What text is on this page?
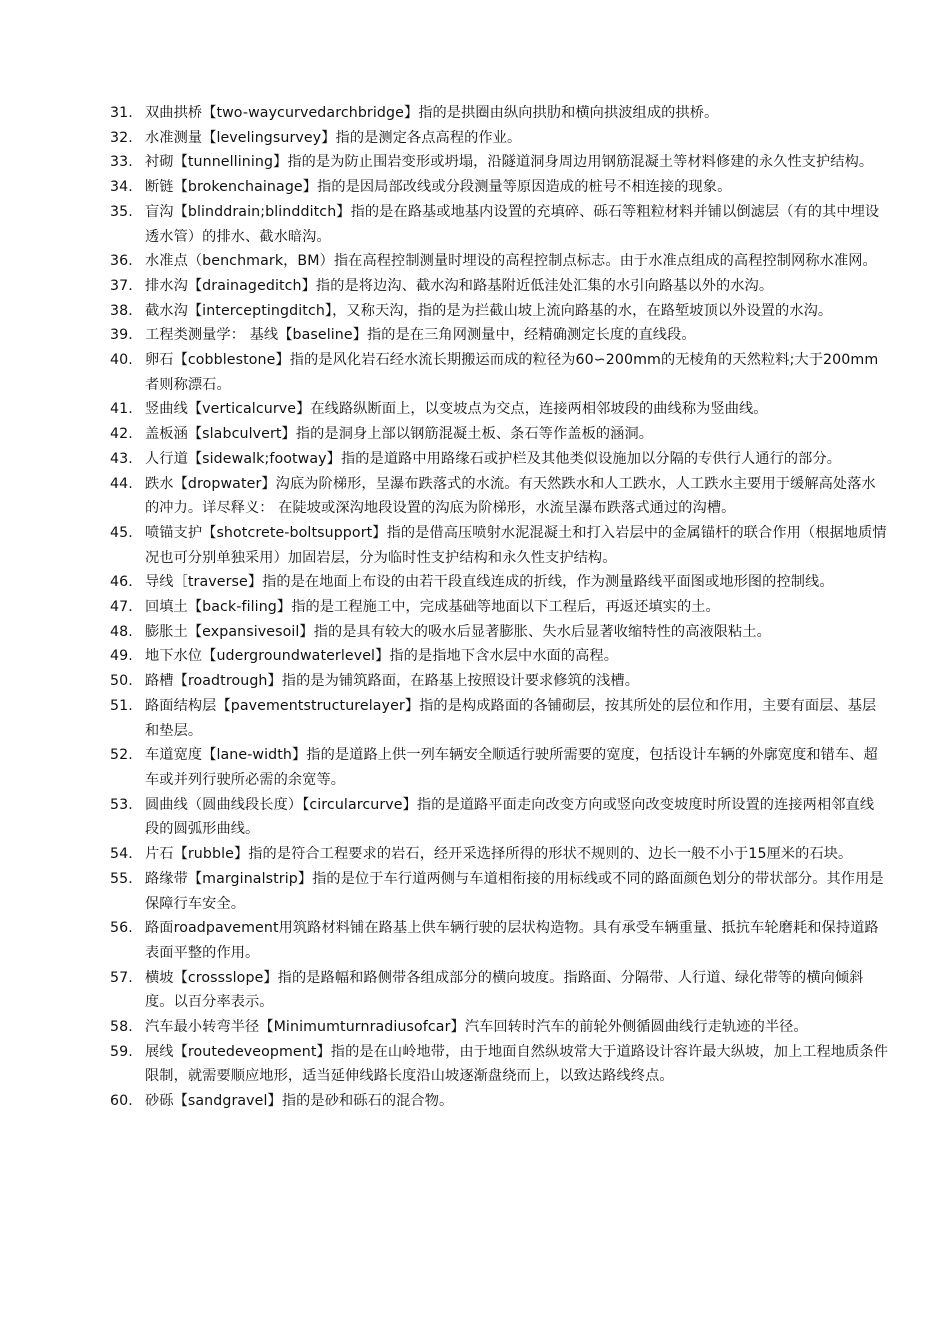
31. 双曲拱桥【two-waycurvedarchbridge】指的是拱圈由纵向拱肋和横向拱波组成的拱桥。
32. 水准测量【levelingsurvey】指的是测定各点高程的作业。
33. 衬砌【tunnellining】指的是为防止围岩变形或坍塌，沿隧道洞身周边用钢筋混凝土等材料修建的永久性支护结构。
34. 断链【brokenchainage】指的是因局部改线或分段测量等原因造成的桩号不相连接的现象。
35. 盲沟【blinddrain;blindditch】指的是在路基或地基内设置的充填碎、砾石等粗粒材料并铺以倒滤层（有的其中埋设透水管）的排水、截水暗沟。
36. 水准点（benchmark，BM）指在高程控制测量时埋设的高程控制点标志。由于水准点组成的高程控制网称水准网。
37. 排水沟【drainageditch】指的是将边沟、截水沟和路基附近低洼处汇集的水引向路基以外的水沟。
38. 截水沟【interceptingditch】，又称天沟，指的是为拦截山坡上流向路基的水，在路堑坡顶以外设置的水沟。
39. 工程类测量学： 基线【baseline】指的是在三角网测量中，经精确测定长度的直线段。
40. 卵石【cobblestone】指的是风化岩石经水流长期搬运而成的粒径为60∽200mm的无棱角的天然粒料;大于200mm者则称漂石。
41. 竖曲线【verticalcurve】在线路纵断面上，以变坡点为交点，连接两相邻坡段的曲线称为竖曲线。
42. 盖板涵【slabculvert】指的是洞身上部以钢筋混凝土板、条石等作盖板的涵洞。
43. 人行道【sidewalk;footway】指的是道路中用路缘石或护栏及其他类似设施加以分隔的专供行人通行的部分。
44. 跌水【dropwater】沟底为阶梯形，呈瀑布跌落式的水流。有天然跌水和人工跌水，人工跌水主要用于缓解高处落水的冲力。详尽释义： 在陡坡或深沟地段设置的沟底为阶梯形，水流呈瀑布跌落式通过的沟槽。
45. 喷锚支护【shotcrete-boltsupport】指的是借高压喷射水泥混凝土和打入岩层中的金属锚杆的联合作用（根据地质情况也可分别单独采用）加固岩层，分为临时性支护结构和永久性支护结构。
46. 导线［traverse】指的是在地面上布设的由若干段直线连成的折线，作为测量路线平面图或地形图的控制线。
47. 回填土【back-filing】指的是工程施工中，完成基础等地面以下工程后，再返还填实的土。
48. 膨胀土【expansivesoil】指的是具有较大的吸水后显著膨胀、失水后显著收缩特性的高液限粘土。
49. 地下水位【udergroundwaterlevel】指的是指地下含水层中水面的高程。
50. 路槽【roadtrough】指的是为铺筑路面，在路基上按照设计要求修筑的浅槽。
51. 路面结构层【pavementstructurelayer】指的是构成路面的各铺砌层，按其所处的层位和作用，主要有面层、基层和垫层。
52. 车道宽度【lane-width】指的是道路上供一列车辆安全顺适行驶所需要的宽度，包括设计车辆的外廓宽度和错车、超车或并列行驶所必需的余宽等。
53. 圆曲线（圆曲线段长度）【circularcurve】指的是道路平面走向改变方向或竖向改变坡度时所设置的连接两相邻直线段的圆弧形曲线。
54. 片石【rubble】指的是符合工程要求的岩石，经开采选择所得的形状不规则的、边长一般不小于15厘米的石块。
55. 路缘带【marginalstrip】指的是位于车行道两侧与车道相衔接的用标线或不同的路面颜色划分的带状部分。其作用是保障行车安全。
56. 路面roadpavement用筑路材料铺在路基上供车辆行驶的层状构造物。具有承受车辆重量、抵抗车轮磨耗和保持道路表面平整的作用。
57. 横坡【crossslope】指的是路幅和路侧带各组成部分的横向坡度。指路面、分隔带、人行道、绿化带等的横向倾斜度。以百分率表示。
58. 汽车最小转弯半径【Minimumturnradiusofcar】汽车回转时汽车的前轮外侧循圆曲线行走轨迹的半径。
59. 展线【routedeveopment】指的是在山岭地带，由于地面自然纵坡常大于道路设计容许最大纵坡，加上工程地质条件限制，就需要顺应地形，适当延伸线路长度沿山坡逐渐盘绕而上，以致达路线终点。
60. 砂砾【sandgravel】指的是砂和砾石的混合物。
